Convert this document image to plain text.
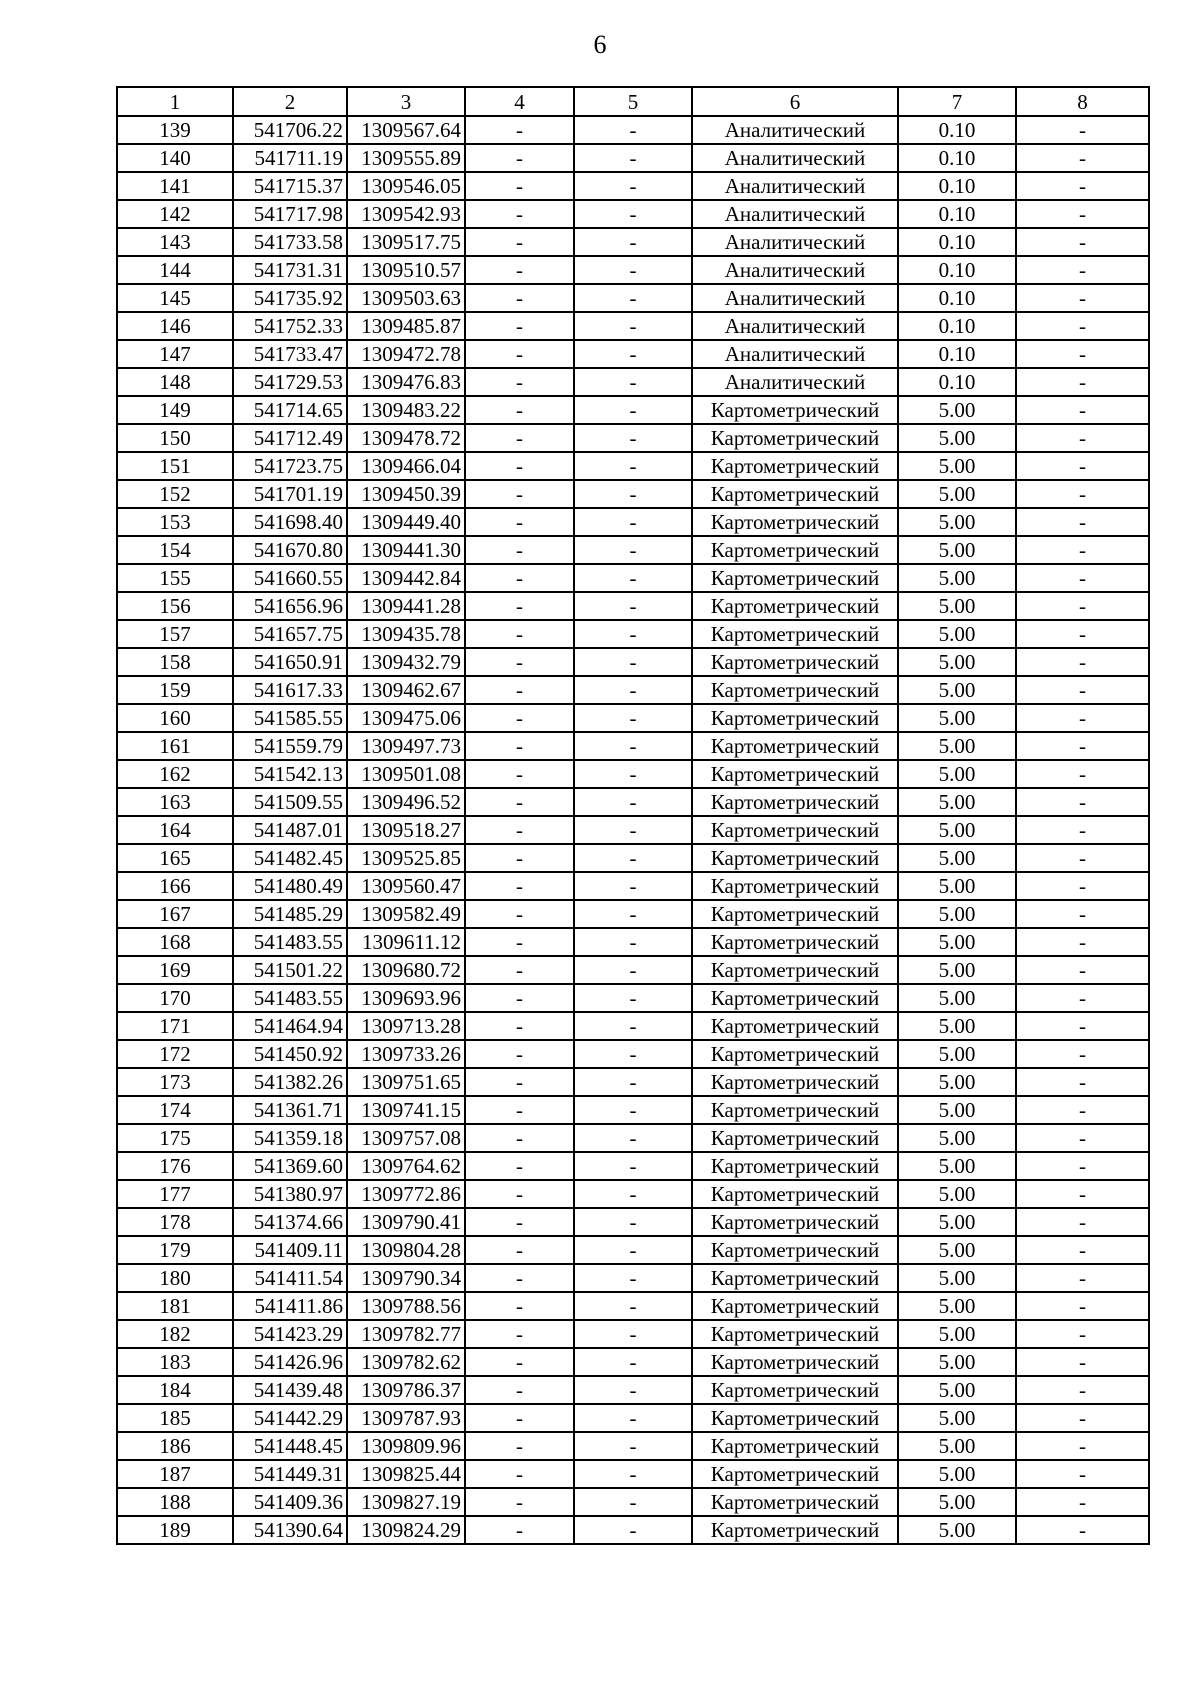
6
1	2	3	4	5	6	7	8
139	541706.22	1309567.64	-	-	Аналитический	0.10	-
140	541711.19	1309555.89	-	-	Аналитический	0.10	-
141	541715.37	1309546.05	-	-	Аналитический	0.10	-
142	541717.98	1309542.93	-	-	Аналитический	0.10	-
143	541733.58	1309517.75	-	-	Аналитический	0.10	-
144	541731.31	1309510.57	-	-	Аналитический	0.10	-
145	541735.92	1309503.63	-	-	Аналитический	0.10	-
146	541752.33	1309485.87	-	-	Аналитический	0.10	-
147	541733.47	1309472.78	-	-	Аналитический	0.10	-
148	541729.53	1309476.83	-	-	Аналитический	0.10	-
149	541714.65	1309483.22	-	-	Картометрический	5.00	-
150	541712.49	1309478.72	-	-	Картометрический	5.00	-
151	541723.75	1309466.04	-	-	Картометрический	5.00	-
152	541701.19	1309450.39	-	-	Картометрический	5.00	-
153	541698.40	1309449.40	-	-	Картометрический	5.00	-
154	541670.80	1309441.30	-	-	Картометрический	5.00	-
155	541660.55	1309442.84	-	-	Картометрический	5.00	-
156	541656.96	1309441.28	-	-	Картометрический	5.00	-
157	541657.75	1309435.78	-	-	Картометрический	5.00	-
158	541650.91	1309432.79	-	-	Картометрический	5.00	-
159	541617.33	1309462.67	-	-	Картометрический	5.00	-
160	541585.55	1309475.06	-	-	Картометрический	5.00	-
161	541559.79	1309497.73	-	-	Картометрический	5.00	-
162	541542.13	1309501.08	-	-	Картометрический	5.00	-
163	541509.55	1309496.52	-	-	Картометрический	5.00	-
164	541487.01	1309518.27	-	-	Картометрический	5.00	-
165	541482.45	1309525.85	-	-	Картометрический	5.00	-
166	541480.49	1309560.47	-	-	Картометрический	5.00	-
167	541485.29	1309582.49	-	-	Картометрический	5.00	-
168	541483.55	1309611.12	-	-	Картометрический	5.00	-
169	541501.22	1309680.72	-	-	Картометрический	5.00	-
170	541483.55	1309693.96	-	-	Картометрический	5.00	-
171	541464.94	1309713.28	-	-	Картометрический	5.00	-
172	541450.92	1309733.26	-	-	Картометрический	5.00	-
173	541382.26	1309751.65	-	-	Картометрический	5.00	-
174	541361.71	1309741.15	-	-	Картометрический	5.00	-
175	541359.18	1309757.08	-	-	Картометрический	5.00	-
176	541369.60	1309764.62	-	-	Картометрический	5.00	-
177	541380.97	1309772.86	-	-	Картометрический	5.00	-
178	541374.66	1309790.41	-	-	Картометрический	5.00	-
179	541409.11	1309804.28	-	-	Картометрический	5.00	-
180	541411.54	1309790.34	-	-	Картометрический	5.00	-
181	541411.86	1309788.56	-	-	Картометрический	5.00	-
182	541423.29	1309782.77	-	-	Картометрический	5.00	-
183	541426.96	1309782.62	-	-	Картометрический	5.00	-
184	541439.48	1309786.37	-	-	Картометрический	5.00	-
185	541442.29	1309787.93	-	-	Картометрический	5.00	-
186	541448.45	1309809.96	-	-	Картометрический	5.00	-
187	541449.31	1309825.44	-	-	Картометрический	5.00	-
188	541409.36	1309827.19	-	-	Картометрический	5.00	-
189	541390.64	1309824.29	-	-	Картометрический	5.00	-
